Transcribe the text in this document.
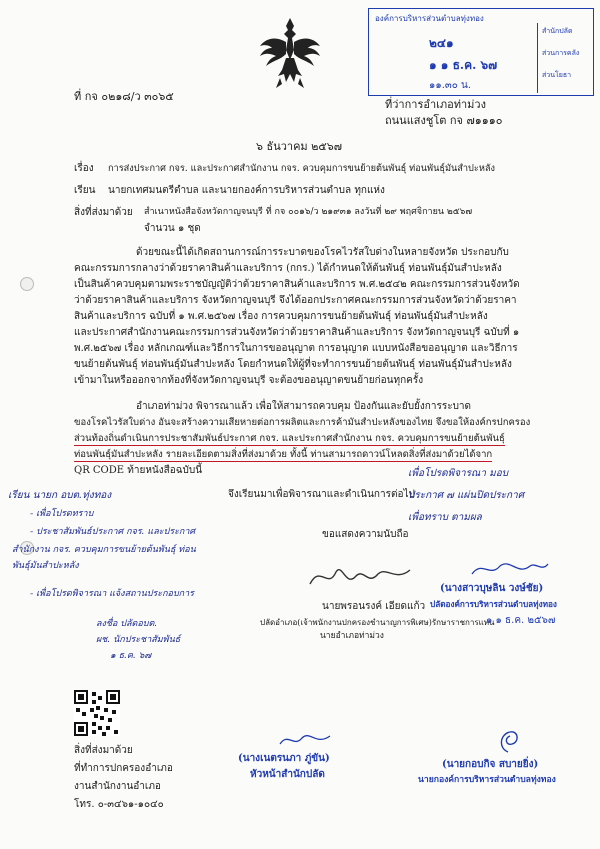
องค์การบริหารส่วนตำบลทุ่งทอง
๒๔๑
๑ ๑ ธ.ค. ๖๗
๑๑.๓๐ น.
สำนักปลัด
ส่วนการคลัง
ส่วนโยธา
ที่ กจ ๐๒๑๘/ว ๓๐๖๕
ที่ว่าการอำเภอท่าม่วง
ถนนแสงชูโต กจ ๗๑๑๑๐
๖ ธันวาคม ๒๕๖๗
เรื่อง การส่งประกาศ กจร. และประกาศสำนักงาน กจร. ควบคุมการขนย้ายต้นพันธุ์ ท่อนพันธุ์มันสำปะหลัง
เรียน นายกเทศมนตรีตำบล และนายกองค์การบริหารส่วนตำบล ทุกแห่ง
สิ่งที่ส่งมาด้วย สำเนาหนังสือจังหวัดกาญจนบุรี ที่ กจ ๐๐๑๖/ว ๒๑๙๓๑ ลงวันที่ ๒๙ พฤศจิกายน ๒๕๖๗
จำนวน ๑ ชุด
ด้วยขณะนี้ได้เกิดสถานการณ์การระบาดของโรคไวรัสใบด่างในหลายจังหวัด ประกอบกับ
คณะกรรมการกลางว่าด้วยราคาสินค้าและบริการ (กกร.) ได้กำหนดให้ต้นพันธุ์ ท่อนพันธุ์มันสำปะหลัง
เป็นสินค้าควบคุมตามพระราชบัญญัติว่าด้วยราคาสินค้าและบริการ พ.ศ.๒๕๔๒ คณะกรรมการส่วนจังหวัด
ว่าด้วยราคาสินค้าและบริการ จังหวัดกาญจนบุรี จึงได้ออกประกาศคณะกรรมการส่วนจังหวัดว่าด้วยราคา
สินค้าและบริการ ฉบับที่ ๑ พ.ศ.๒๕๖๗ เรื่อง การควบคุมการขนย้ายต้นพันธุ์ ท่อนพันธุ์มันสำปะหลัง
และประกาศสำนักงานคณะกรรมการส่วนจังหวัดว่าด้วยราคาสินค้าและบริการ จังหวัดกาญจนบุรี ฉบับที่ ๑
พ.ศ.๒๕๖๗ เรื่อง หลักเกณฑ์และวิธีการในการขออนุญาต การอนุญาต แบบหนังสือขออนุญาต และวิธีการ
ขนย้ายต้นพันธุ์ ท่อนพันธุ์มันสำปะหลัง โดยกำหนดให้ผู้ที่จะทำการขนย้ายต้นพันธุ์ ท่อนพันธุ์มันสำปะหลัง
เข้ามาในหรือออกจากท้องที่จังหวัดกาญจนบุรี จะต้องขออนุญาตขนย้ายก่อนทุกครั้ง
อำเภอท่าม่วง พิจารณาแล้ว เพื่อให้สามารถควบคุม ป้องกันและยับยั้งการระบาด
ของโรคไวรัสใบด่าง อันจะสร้างความเสียหายต่อการผลิตและการค้ามันสำปะหลังของไทย จึงขอให้องค์กรปกครอง
ส่วนท้องถิ่นดำเนินการประชาสัมพันธ์ประกาศ กจร. และประกาศสำนักงาน กจร. ควบคุมการขนย้ายต้นพันธุ์
ท่อนพันธุ์มันสำปะหลัง รายละเอียดตามสิ่งที่ส่งมาด้วย ทั้งนี้ ท่านสามารถดาวน์โหลดสิ่งที่ส่งมาด้วยได้จาก
QR CODE ท้ายหนังสือฉบับนี้
จึงเรียนมาเพื่อพิจารณาและดำเนินการต่อไป
ขอแสดงความนับถือ
นายพรอนรงค์ เอียดแก้ว
ปลัดอำเภอ(เจ้าพนักงานปกครองชำนาญการพิเศษ)รักษาราชการแทน
นายอำเภอท่าม่วง
เพื่อโปรดพิจารณา มอบ
ประกาศ ๗ แผ่นปิดประกาศ
เพื่อทราบ ตามผล
เรียน นายก อบต.ทุ่งทอง
- เพื่อโปรดทราบ
- ประชาสัมพันธ์ประกาศ กจร. และประกาศ
สำนักงาน กจร. ควบคุมการขนย้ายต้นพันธุ์ ท่อน
พันธุ์มันสำปะหลัง
- เพื่อโปรดพิจารณา แจ้งสถานประกอบการ
ลงชื่อ ปลัดอบต.
ผช. นักประชาสัมพันธ์
๑ ธ.ค. ๖๗
(นางสาวบุษลิน วงษ์ชัย)
ปลัดองค์การบริหารส่วนตำบลทุ่งทอง
๑ ๑ ธ.ค. ๒๕๖๗
สิ่งที่ส่งมาด้วย
ที่ทำการปกครองอำเภอ
งานสำนักงานอำเภอ
โทร. ๐-๓๔๖๑-๑๐๔๐
(นางเนตรนภา ภู่ขัน)
หัวหน้าสำนักปลัด
(นายกอบกิจ สบายยิ่ง)
นายกองค์การบริหารส่วนตำบลทุ่งทอง
